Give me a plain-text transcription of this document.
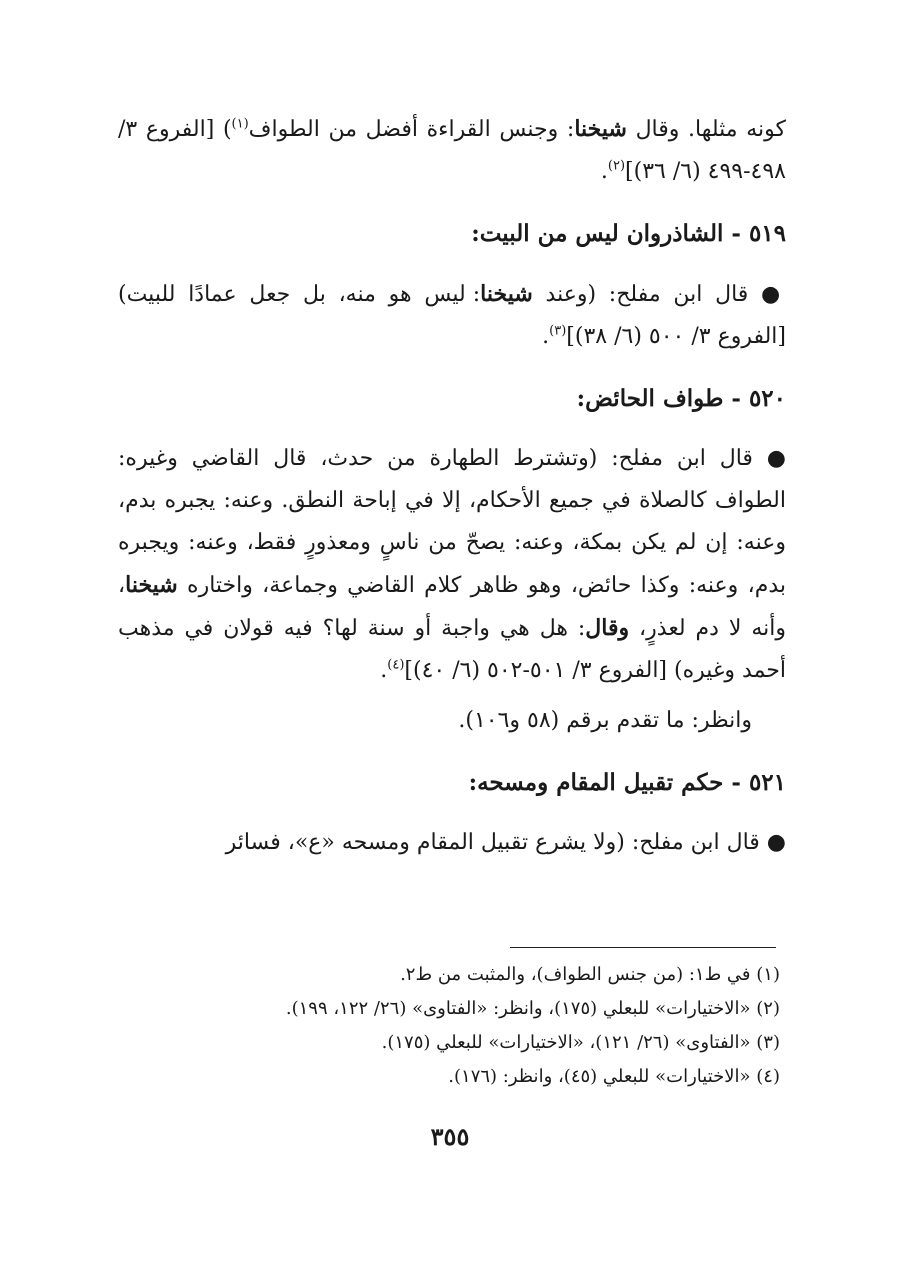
كونه مثلها. وقال شيخنا: وجنس القراءة أفضل من الطواف$^{(١)}$) [الفروع ٣/ ٤٩٨-٤٩٩ (٦/ ٣٦)]$^{(٢)}$.

٥١٩ - الشاذروان ليس من البيت:

● قال ابن مفلح: (وعند شيخنا: ليس هو منه، بل جعل عمادًا للبيت) [الفروع ٣/ ٥٠٠ (٦/ ٣٨)]$^{(٣)}$.

٥٢٠ - طواف الحائض:

● قال ابن مفلح: (وتشترط الطهارة من حدث، قال القاضي وغيره: الطواف كالصلاة في جميع الأحكام، إلا في إباحة النطق. وعنه: يجبره بدم، وعنه: إن لم يكن بمكة، وعنه: يصحّ من ناسٍ ومعذورٍ فقط، وعنه: ويجبره بدم، وعنه: وكذا حائض، وهو ظاهر كلام القاضي وجماعة، واختاره شيخنا، وأنه لا دم لعذرٍ، وقال: هل هي واجبة أو سنة لها؟ فيه قولان في مذهب أحمد وغيره) [الفروع ٣/ ٥٠١-٥٠٢ (٦/ ٤٠)]$^{(٤)}$.

وانظر: ما تقدم برقم (٥٨ و١٠٦).

٥٢١ - حكم تقبيل المقام ومسحه:

● قال ابن مفلح: (ولا يشرع تقبيل المقام ومسحه «ع»، فسائر

(١) في ط١: (من جنس الطواف)، والمثبت من ط٢.

(٢) «الاختيارات» للبعلي (١٧٥)، وانظر: «الفتاوى» (٢٦/ ١٢٢، ١٩٩).

(٣) «الفتاوى» (٢٦/ ١٢١)، «الاختيارات» للبعلي (١٧٥).

(٤) «الاختيارات» للبعلي (٤٥)، وانظر: (١٧٦).

٣٥٥
